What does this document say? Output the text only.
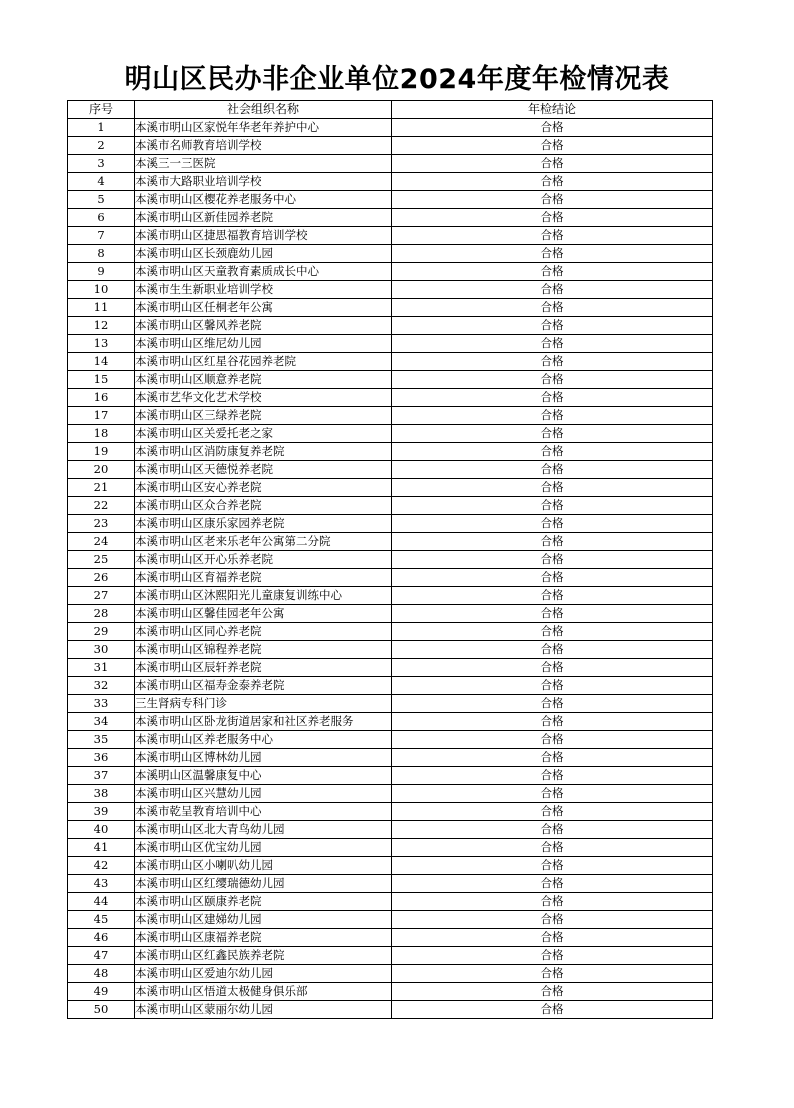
明山区民办非企业单位2024年度年检情况表
序号	社会组织名称	年检结论
1	本溪市明山区家悦年华老年养护中心	合格
2	本溪市名师教育培训学校	合格
3	本溪三一三医院	合格
4	本溪市大路职业培训学校	合格
5	本溪市明山区樱花养老服务中心	合格
6	本溪市明山区新佳园养老院	合格
7	本溪市明山区捷思福教育培训学校	合格
8	本溪市明山区长颈鹿幼儿园	合格
9	本溪市明山区天童教育素质成长中心	合格
10	本溪市生生新职业培训学校	合格
11	本溪市明山区任桐老年公寓	合格
12	本溪市明山区馨风养老院	合格
13	本溪市明山区维尼幼儿园	合格
14	本溪市明山区红星谷花园养老院	合格
15	本溪市明山区顺意养老院	合格
16	本溪市艺华文化艺术学校	合格
17	本溪市明山区三绿养老院	合格
18	本溪市明山区关爱托老之家	合格
19	本溪市明山区消防康复养老院	合格
20	本溪市明山区天德悦养老院	合格
21	本溪市明山区安心养老院	合格
22	本溪市明山区众合养老院	合格
23	本溪市明山区康乐家园养老院	合格
24	本溪市明山区老来乐老年公寓第二分院	合格
25	本溪市明山区开心乐养老院	合格
26	本溪市明山区育福养老院	合格
27	本溪市明山区沐熙阳光儿童康复训练中心	合格
28	本溪市明山区馨佳园老年公寓	合格
29	本溪市明山区同心养老院	合格
30	本溪市明山区锦程养老院	合格
31	本溪市明山区辰轩养老院	合格
32	本溪市明山区福寿金泰养老院	合格
33	三生肾病专科门诊	合格
34	本溪市明山区卧龙街道居家和社区养老服务	合格
35	本溪市明山区养老服务中心	合格
36	本溪市明山区博林幼儿园	合格
37	本溪明山区温馨康复中心	合格
38	本溪市明山区兴慧幼儿园	合格
39	本溪市乾呈教育培训中心	合格
40	本溪市明山区北大青鸟幼儿园	合格
41	本溪市明山区优宝幼儿园	合格
42	本溪市明山区小喇叭幼儿园	合格
43	本溪市明山区红缨瑞德幼儿园	合格
44	本溪市明山区颐康养老院	合格
45	本溪市明山区建娣幼儿园	合格
46	本溪市明山区康福养老院	合格
47	本溪市明山区红鑫民族养老院	合格
48	本溪市明山区爱迪尔幼儿园	合格
49	本溪市明山区悟道太极健身俱乐部	合格
50	本溪市明山区蒙丽尔幼儿园	合格
